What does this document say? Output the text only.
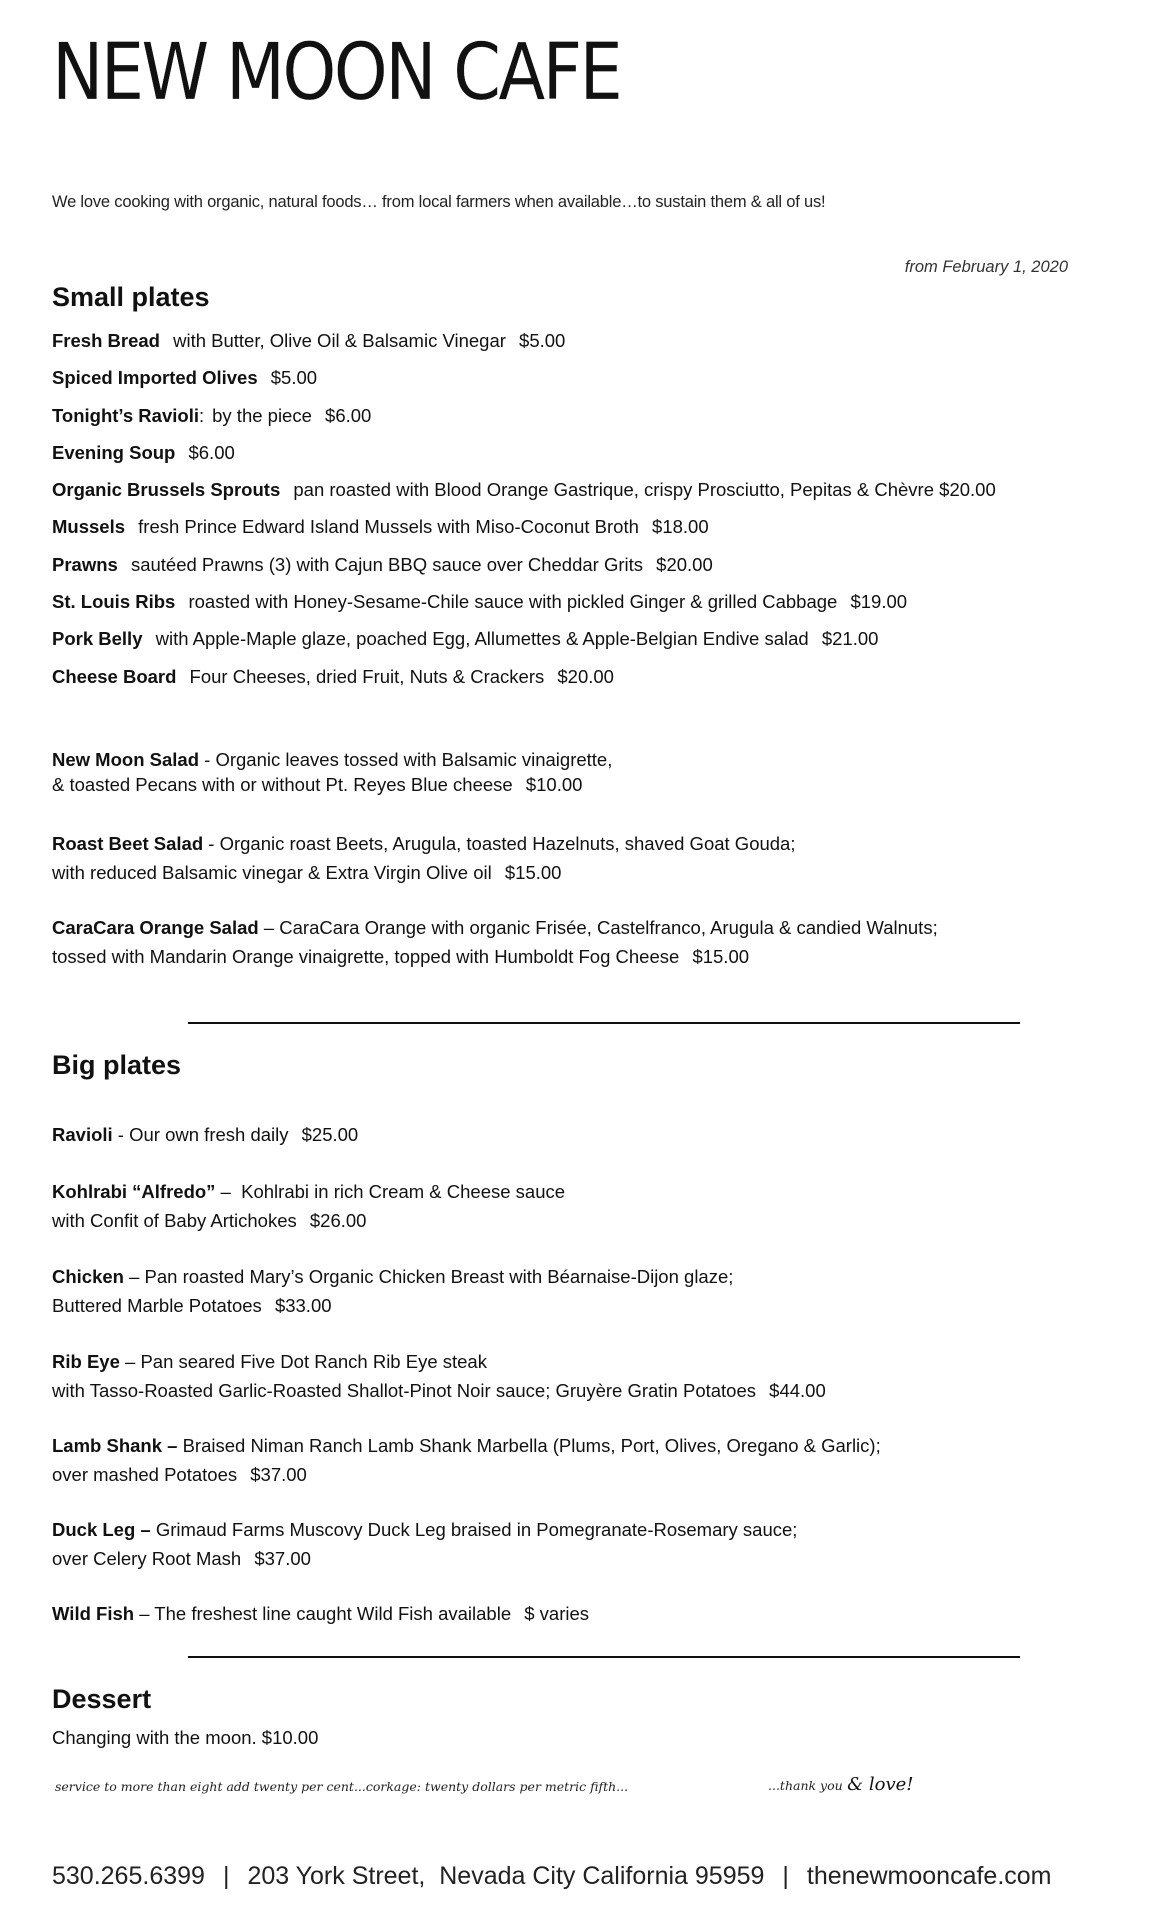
NEW MOON CAFE
We love cooking with organic, natural foods… from local farmers when available…to sustain them & all of us!
from February 1, 2020
Small plates
Fresh Bread with Butter, Olive Oil & Balsamic Vinegar $5.00
Spiced Imported Olives $5.00
Tonight’s Ravioli: by the piece $6.00
Evening Soup $6.00
Organic Brussels Sprouts pan roasted with Blood Orange Gastrique, crispy Prosciutto, Pepitas & Chèvre $20.00
Mussels fresh Prince Edward Island Mussels with Miso-Coconut Broth $18.00
Prawns sautéed Prawns (3) with Cajun BBQ sauce over Cheddar Grits $20.00
St. Louis Ribs roasted with Honey-Sesame-Chile sauce with pickled Ginger & grilled Cabbage $19.00
Pork Belly with Apple-Maple glaze, poached Egg, Allumettes & Apple-Belgian Endive salad $21.00
Cheese Board Four Cheeses, dried Fruit, Nuts & Crackers $20.00
New Moon Salad - Organic leaves tossed with Balsamic vinaigrette,
& toasted Pecans with or without Pt. Reyes Blue cheese $10.00
Roast Beet Salad - Organic roast Beets, Arugula, toasted Hazelnuts, shaved Goat Gouda;
with reduced Balsamic vinegar & Extra Virgin Olive oil $15.00
CaraCara Orange Salad – CaraCara Orange with organic Frisée, Castelfranco, Arugula & candied Walnuts;
tossed with Mandarin Orange vinaigrette, topped with Humboldt Fog Cheese $15.00
Big plates
Ravioli - Our own fresh daily $25.00
Kohlrabi “Alfredo” –  Kohlrabi in rich Cream & Cheese sauce
with Confit of Baby Artichokes $26.00
Chicken – Pan roasted Mary’s Organic Chicken Breast with Béarnaise-Dijon glaze;
Buttered Marble Potatoes $33.00
Rib Eye – Pan seared Five Dot Ranch Rib Eye steak
with Tasso-Roasted Garlic-Roasted Shallot-Pinot Noir sauce; Gruyère Gratin Potatoes $44.00
Lamb Shank – Braised Niman Ranch Lamb Shank Marbella (Plums, Port, Olives, Oregano & Garlic);
over mashed Potatoes $37.00
Duck Leg – Grimaud Farms Muscovy Duck Leg braised in Pomegranate-Rosemary sauce;
over Celery Root Mash $37.00
Wild Fish – The freshest line caught Wild Fish available $ varies
Dessert
Changing with the moon. $10.00
service to more than eight add twenty per cent...corkage: twenty dollars per metric fifth...	...thank you & love!
530.265.6399 | 203 York Street,  Nevada City California 95959 | thenewmooncafe.com
